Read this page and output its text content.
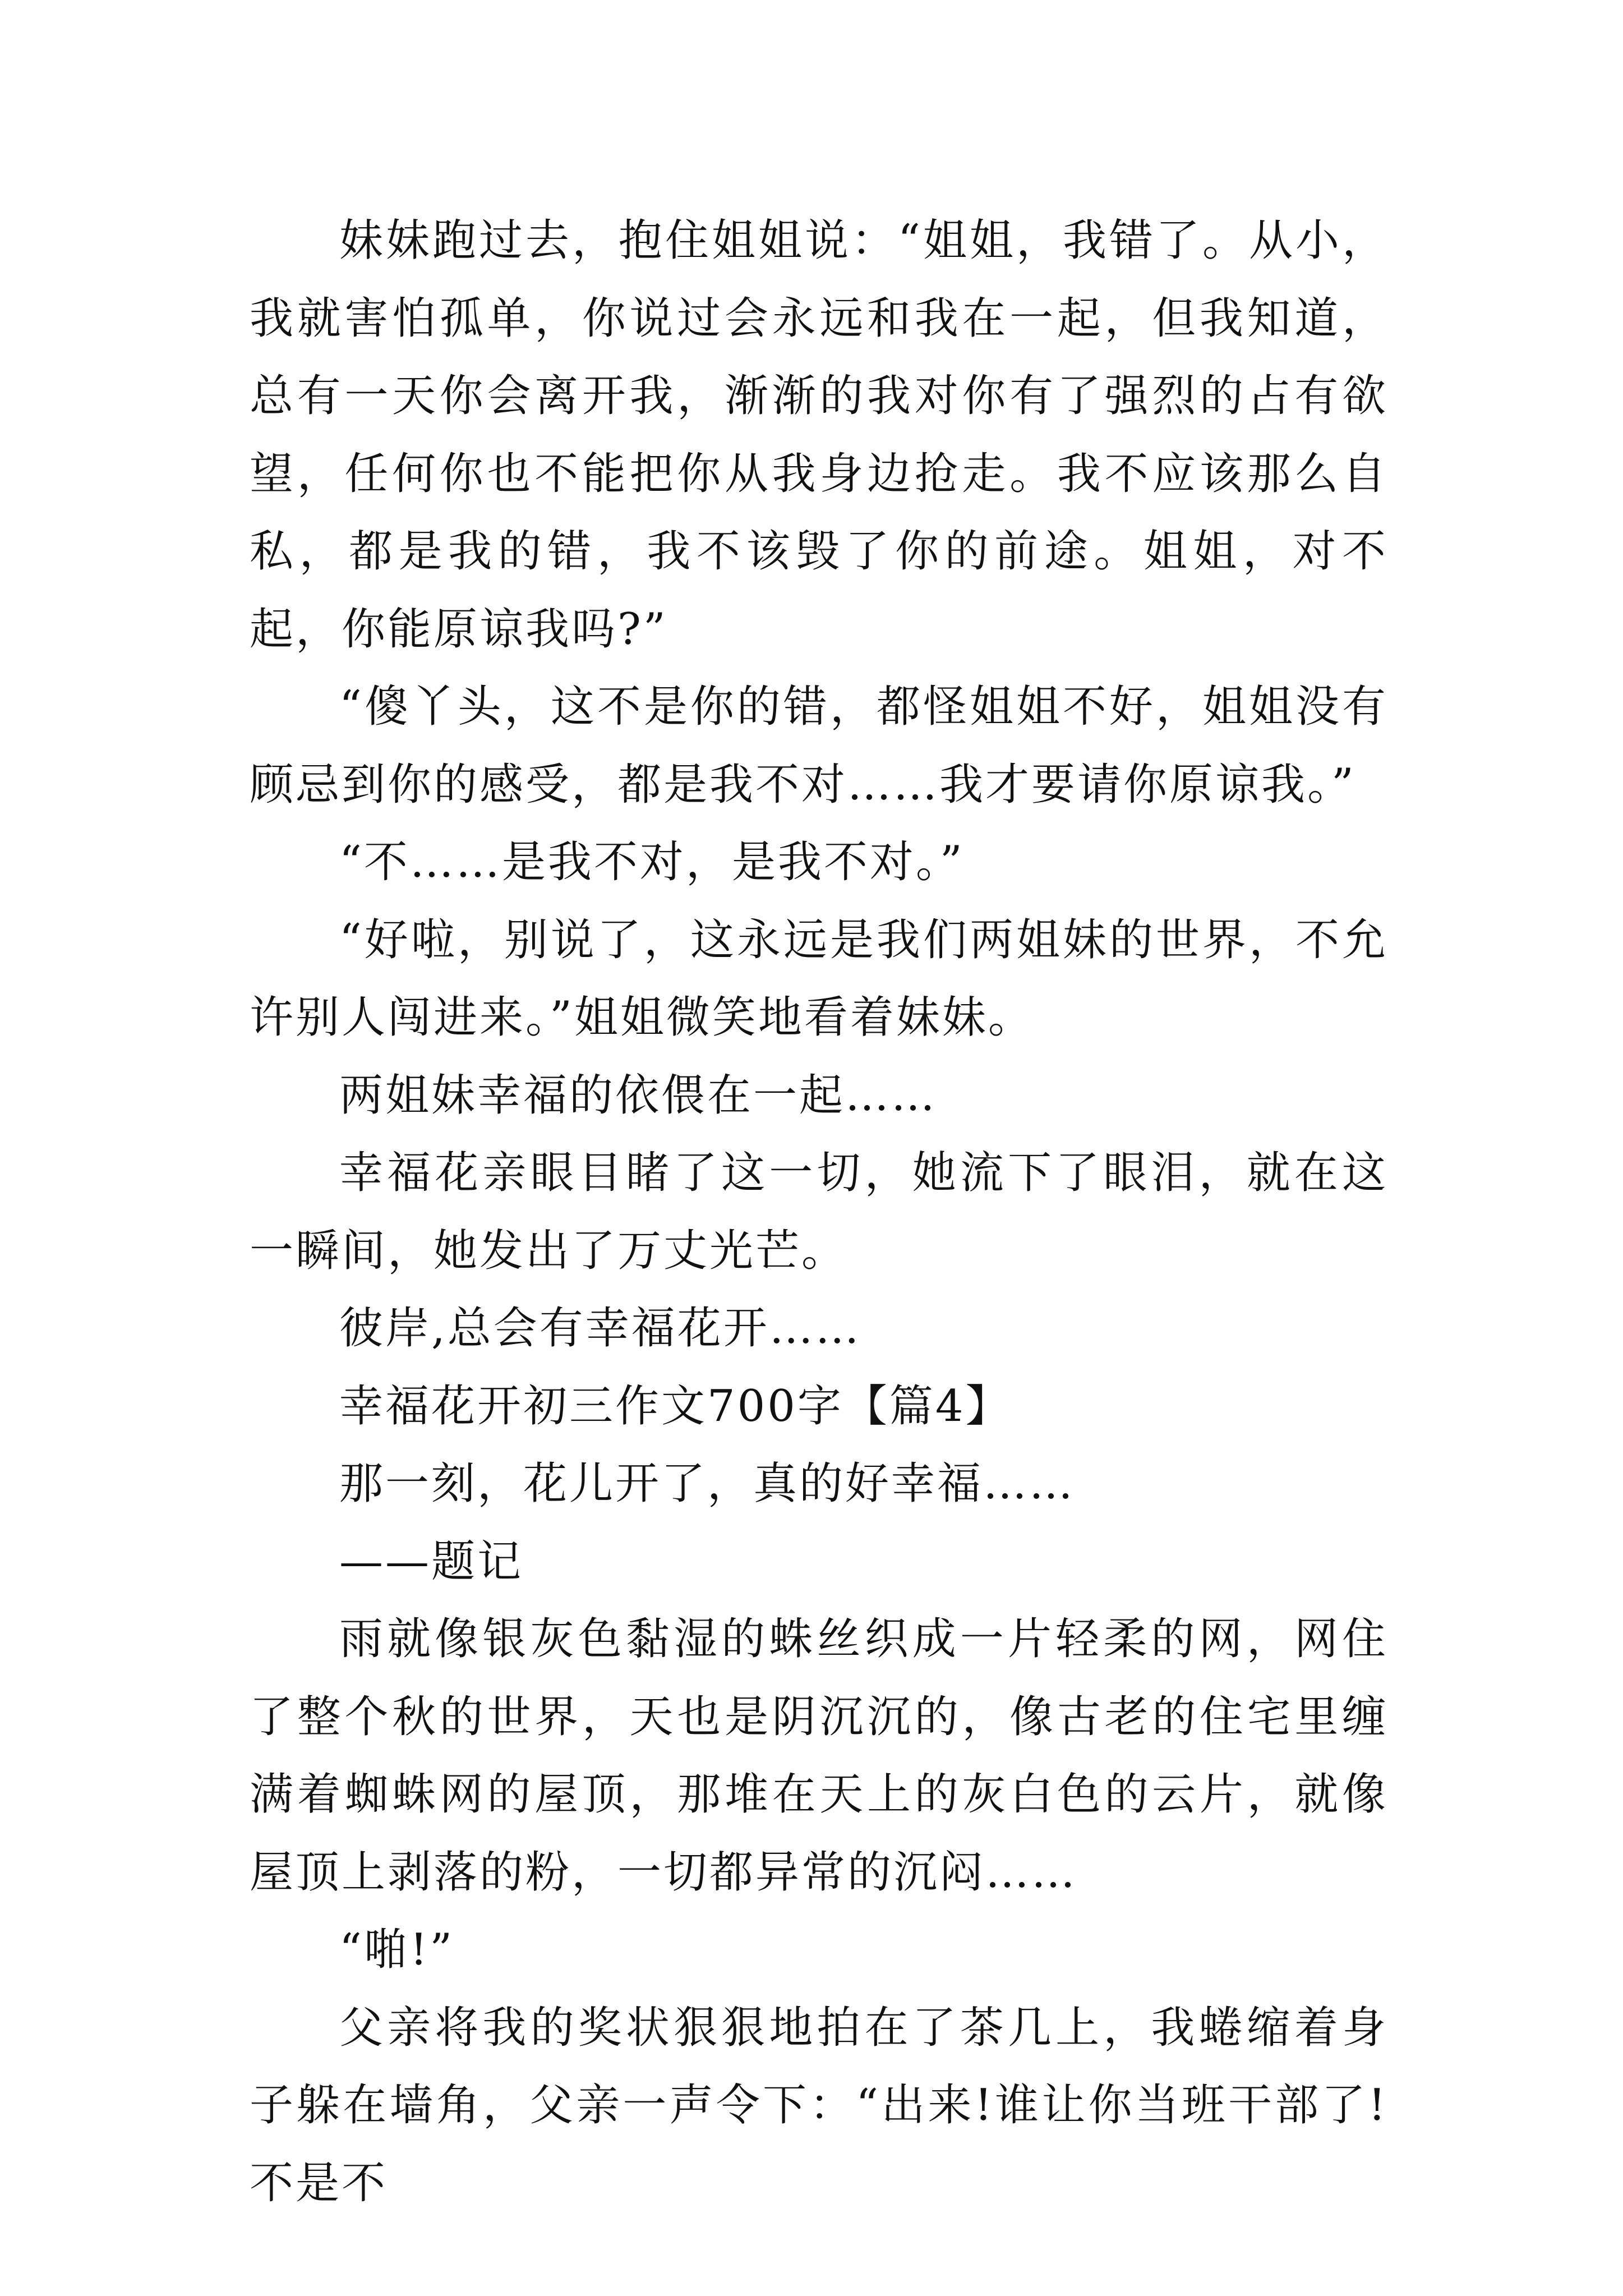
妹妹跑过去，抱住姐姐说：“姐姐，我错了。从小，我就害怕孤单，你说过会永远和我在一起，但我知道，总有一天你会离开我，渐渐的我对你有了强烈的占有欲望，任何你也不能把你从我身边抢走。我不应该那么自私，都是我的错，我不该毁了你的前途。姐姐，对不起，你能原谅我吗?”

“傻丫头，这不是你的错，都怪姐姐不好，姐姐没有顾忌到你的感受，都是我不对……我才要请你原谅我。”

“不……是我不对，是我不对。”

“好啦，别说了，这永远是我们两姐妹的世界，不允许别人闯进来。”姐姐微笑地看着妹妹。

两姐妹幸福的依偎在一起……

幸福花亲眼目睹了这一切，她流下了眼泪，就在这一瞬间，她发出了万丈光芒。

彼岸,总会有幸福花开……

幸福花开初三作文700字【篇4】

那一刻，花儿开了，真的好幸福……

——题记

雨就像银灰色黏湿的蛛丝织成一片轻柔的网，网住了整个秋的世界，天也是阴沉沉的，像古老的住宅里缠满着蜘蛛网的屋顶，那堆在天上的灰白色的云片，就像屋顶上剥落的粉，一切都异常的沉闷……

“啪!”

父亲将我的奖状狠狠地拍在了茶几上，我蜷缩着身子躲在墙角，父亲一声令下：“出来!谁让你当班干部了!不是不
